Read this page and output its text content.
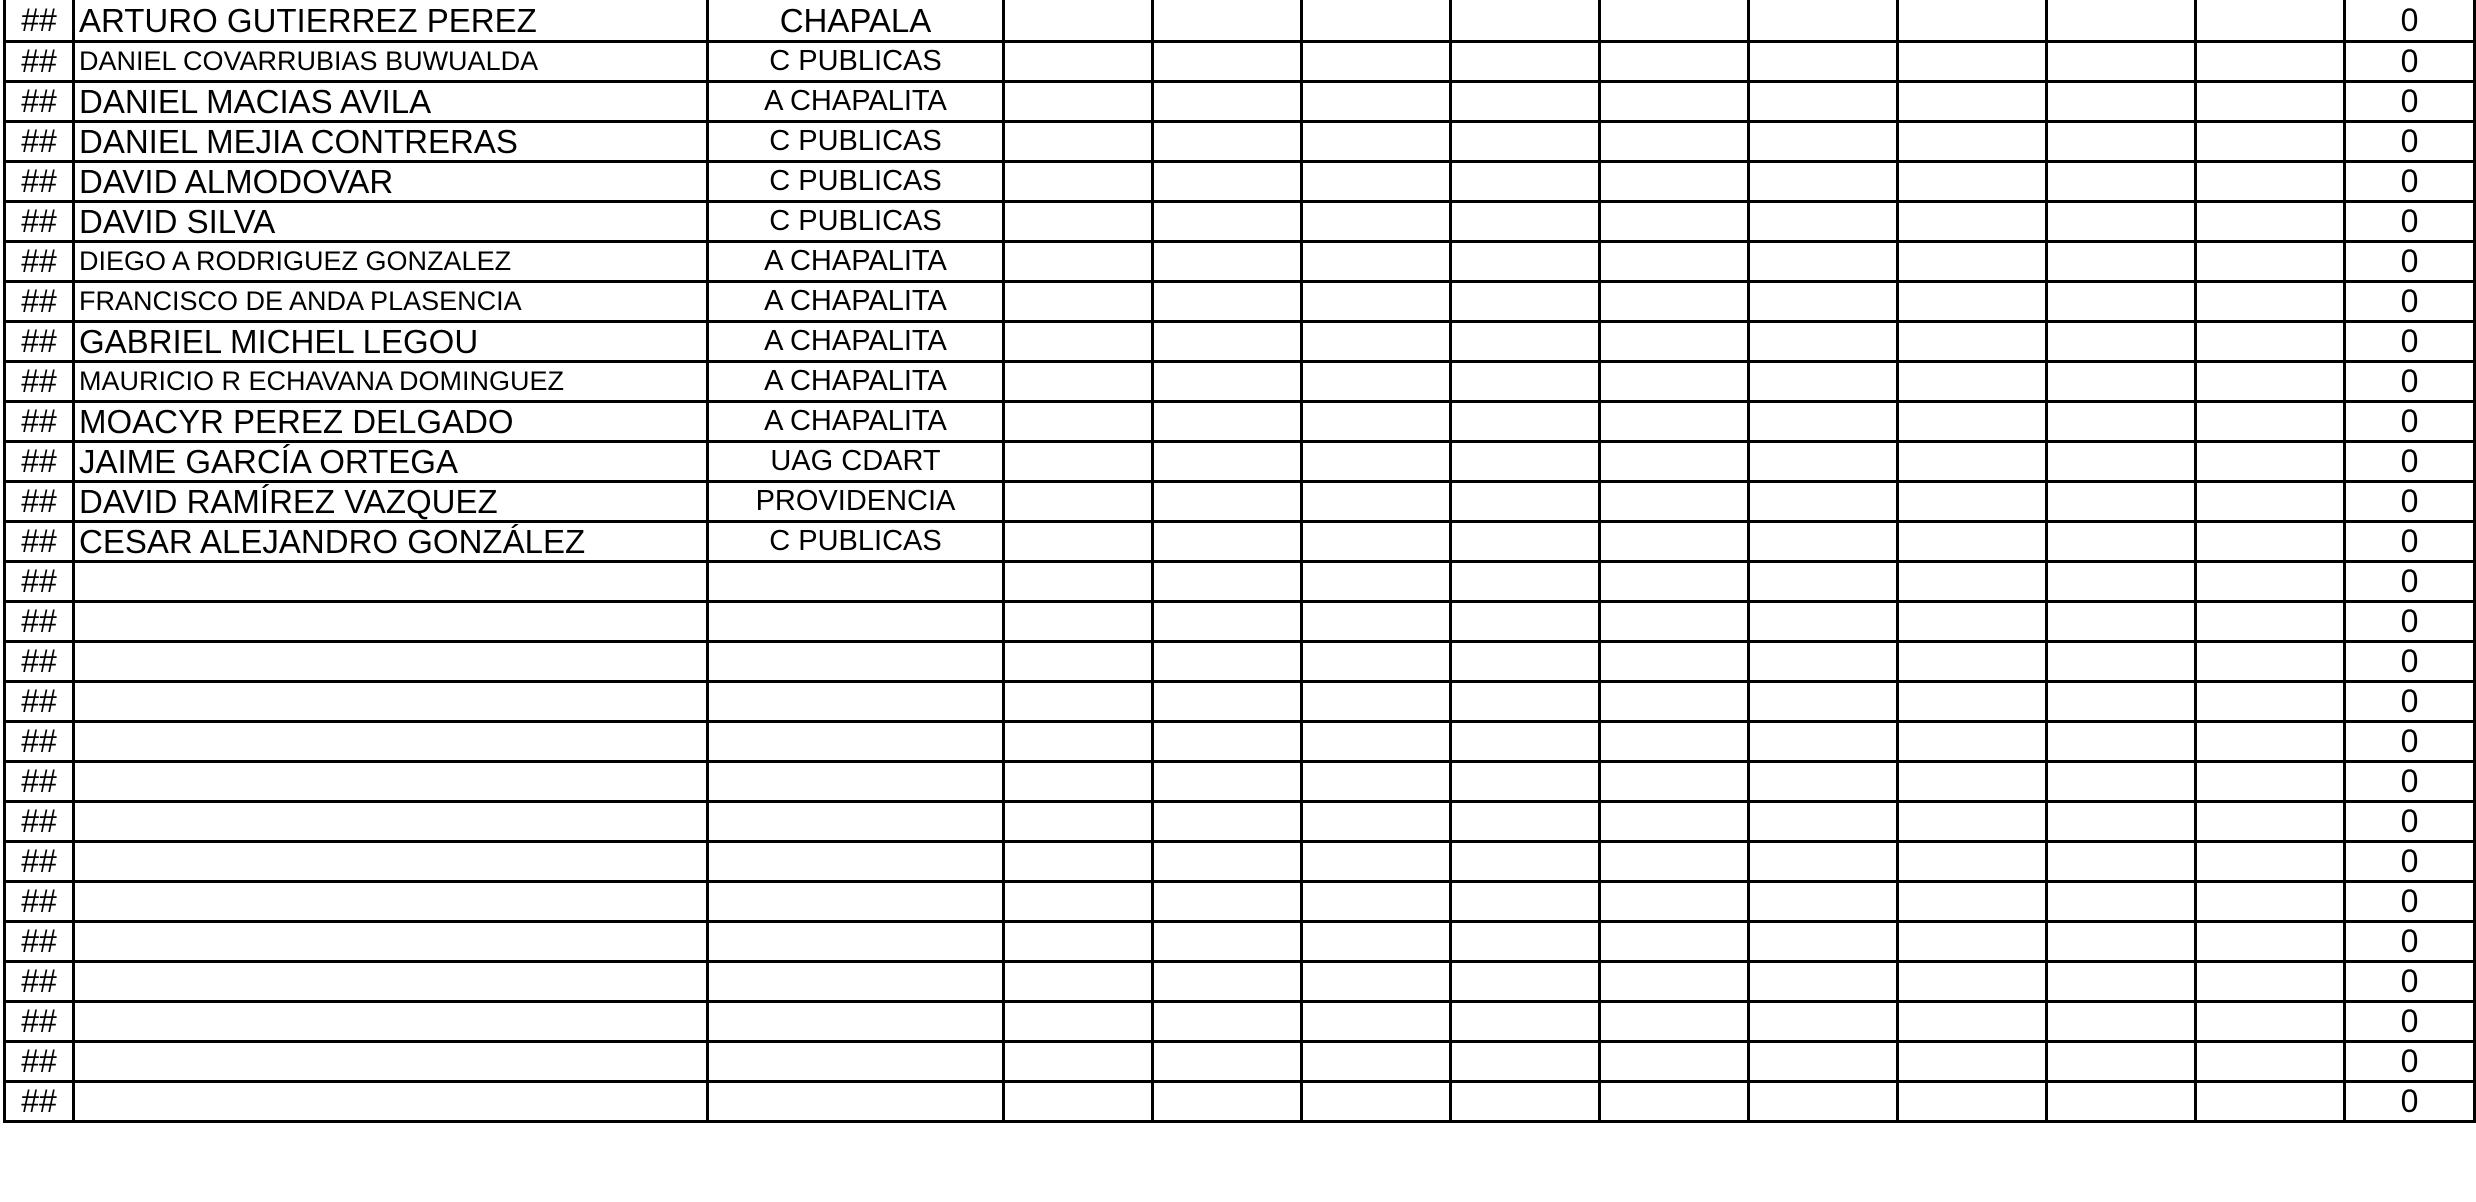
##	ARTURO GUTIERREZ PEREZ	CHAPALA										0
##	DANIEL COVARRUBIAS BUWUALDA	C PUBLICAS										0
##	DANIEL MACIAS AVILA	A CHAPALITA										0
##	DANIEL MEJIA CONTRERAS	C PUBLICAS										0
##	DAVID ALMODOVAR	C PUBLICAS										0
##	DAVID SILVA	C PUBLICAS										0
##	DIEGO A RODRIGUEZ GONZALEZ	A CHAPALITA										0
##	FRANCISCO DE ANDA PLASENCIA	A CHAPALITA										0
##	GABRIEL MICHEL LEGOU	A CHAPALITA										0
##	MAURICIO R ECHAVANA DOMINGUEZ	A CHAPALITA										0
##	MOACYR PEREZ DELGADO	A CHAPALITA										0
##	JAIME GARCÍA ORTEGA	UAG CDART										0
##	DAVID RAMÍREZ VAZQUEZ	PROVIDENCIA										0
##	CESAR ALEJANDRO GONZÁLEZ	C PUBLICAS										0
##												0
##												0
##												0
##												0
##												0
##												0
##												0
##												0
##												0
##												0
##												0
##												0
##												0
##												0
